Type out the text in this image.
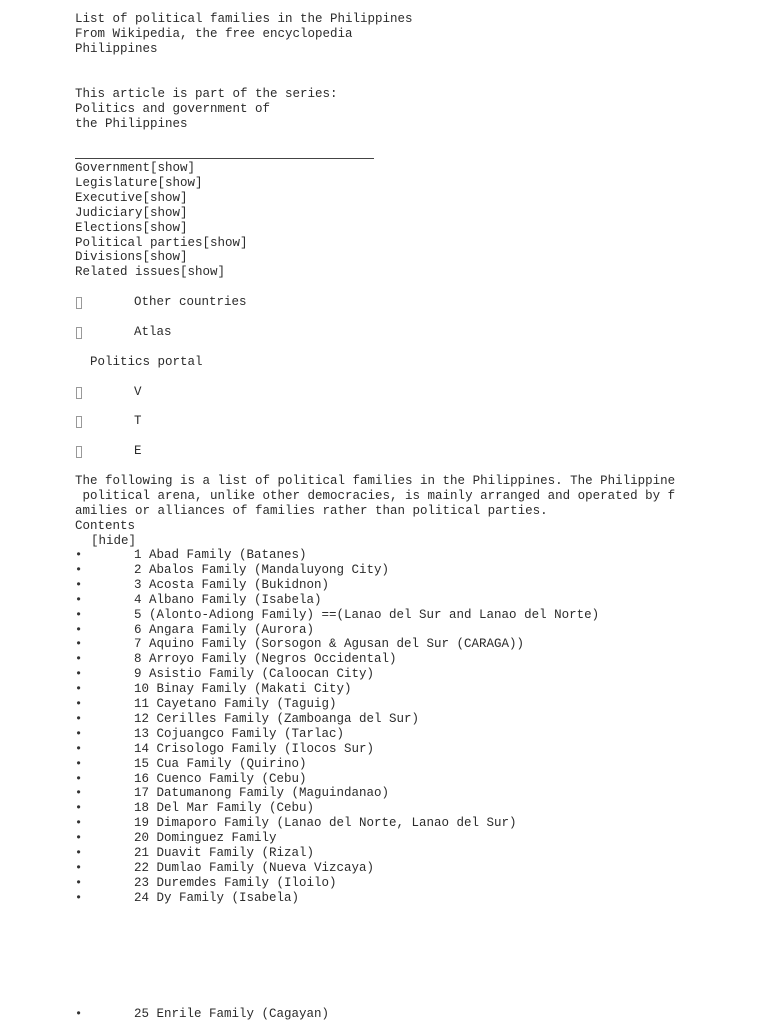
List of political families in the Philippines
From Wikipedia, the free encyclopedia
Philippines
This article is part of the series:
Politics and government of
the Philippines
Government[show]
Legislature[show]
Executive[show]
Judiciary[show]
Elections[show]
Political parties[show]
Divisions[show]
Related issues[show]
Other countries
Atlas
Politics portal
V
T
E
The following is a list of political families in the Philippines. The Philippine
political arena, unlike other democracies, is mainly arranged and operated by f
amilies or alliances of families rather than political parties.
Contents
[hide]
•	1 Abad Family (Batanes)
•	2 Abalos Family (Mandaluyong City)
•	3 Acosta Family (Bukidnon)
•	4 Albano Family (Isabela)
•	5 (Alonto-Adiong Family) ==(Lanao del Sur and Lanao del Norte)
•	6 Angara Family (Aurora)
•	7 Aquino Family (Sorsogon & Agusan del Sur (CARAGA))
•	8 Arroyo Family (Negros Occidental)
•	9 Asistio Family (Caloocan City)
•	10 Binay Family (Makati City)
•	11 Cayetano Family (Taguig)
•	12 Cerilles Family (Zamboanga del Sur)
•	13 Cojuangco Family (Tarlac)
•	14 Crisologo Family (Ilocos Sur)
•	15 Cua Family (Quirino)
•	16 Cuenco Family (Cebu)
•	17 Datumanong Family (Maguindanao)
•	18 Del Mar Family (Cebu)
•	19 Dimaporo Family (Lanao del Norte, Lanao del Sur)
•	20 Dominguez Family
•	21 Duavit Family (Rizal)
•	22 Dumlao Family (Nueva Vizcaya)
•	23 Duremdes Family (Iloilo)
•	24 Dy Family (Isabela)
•	25 Enrile Family (Cagayan)
